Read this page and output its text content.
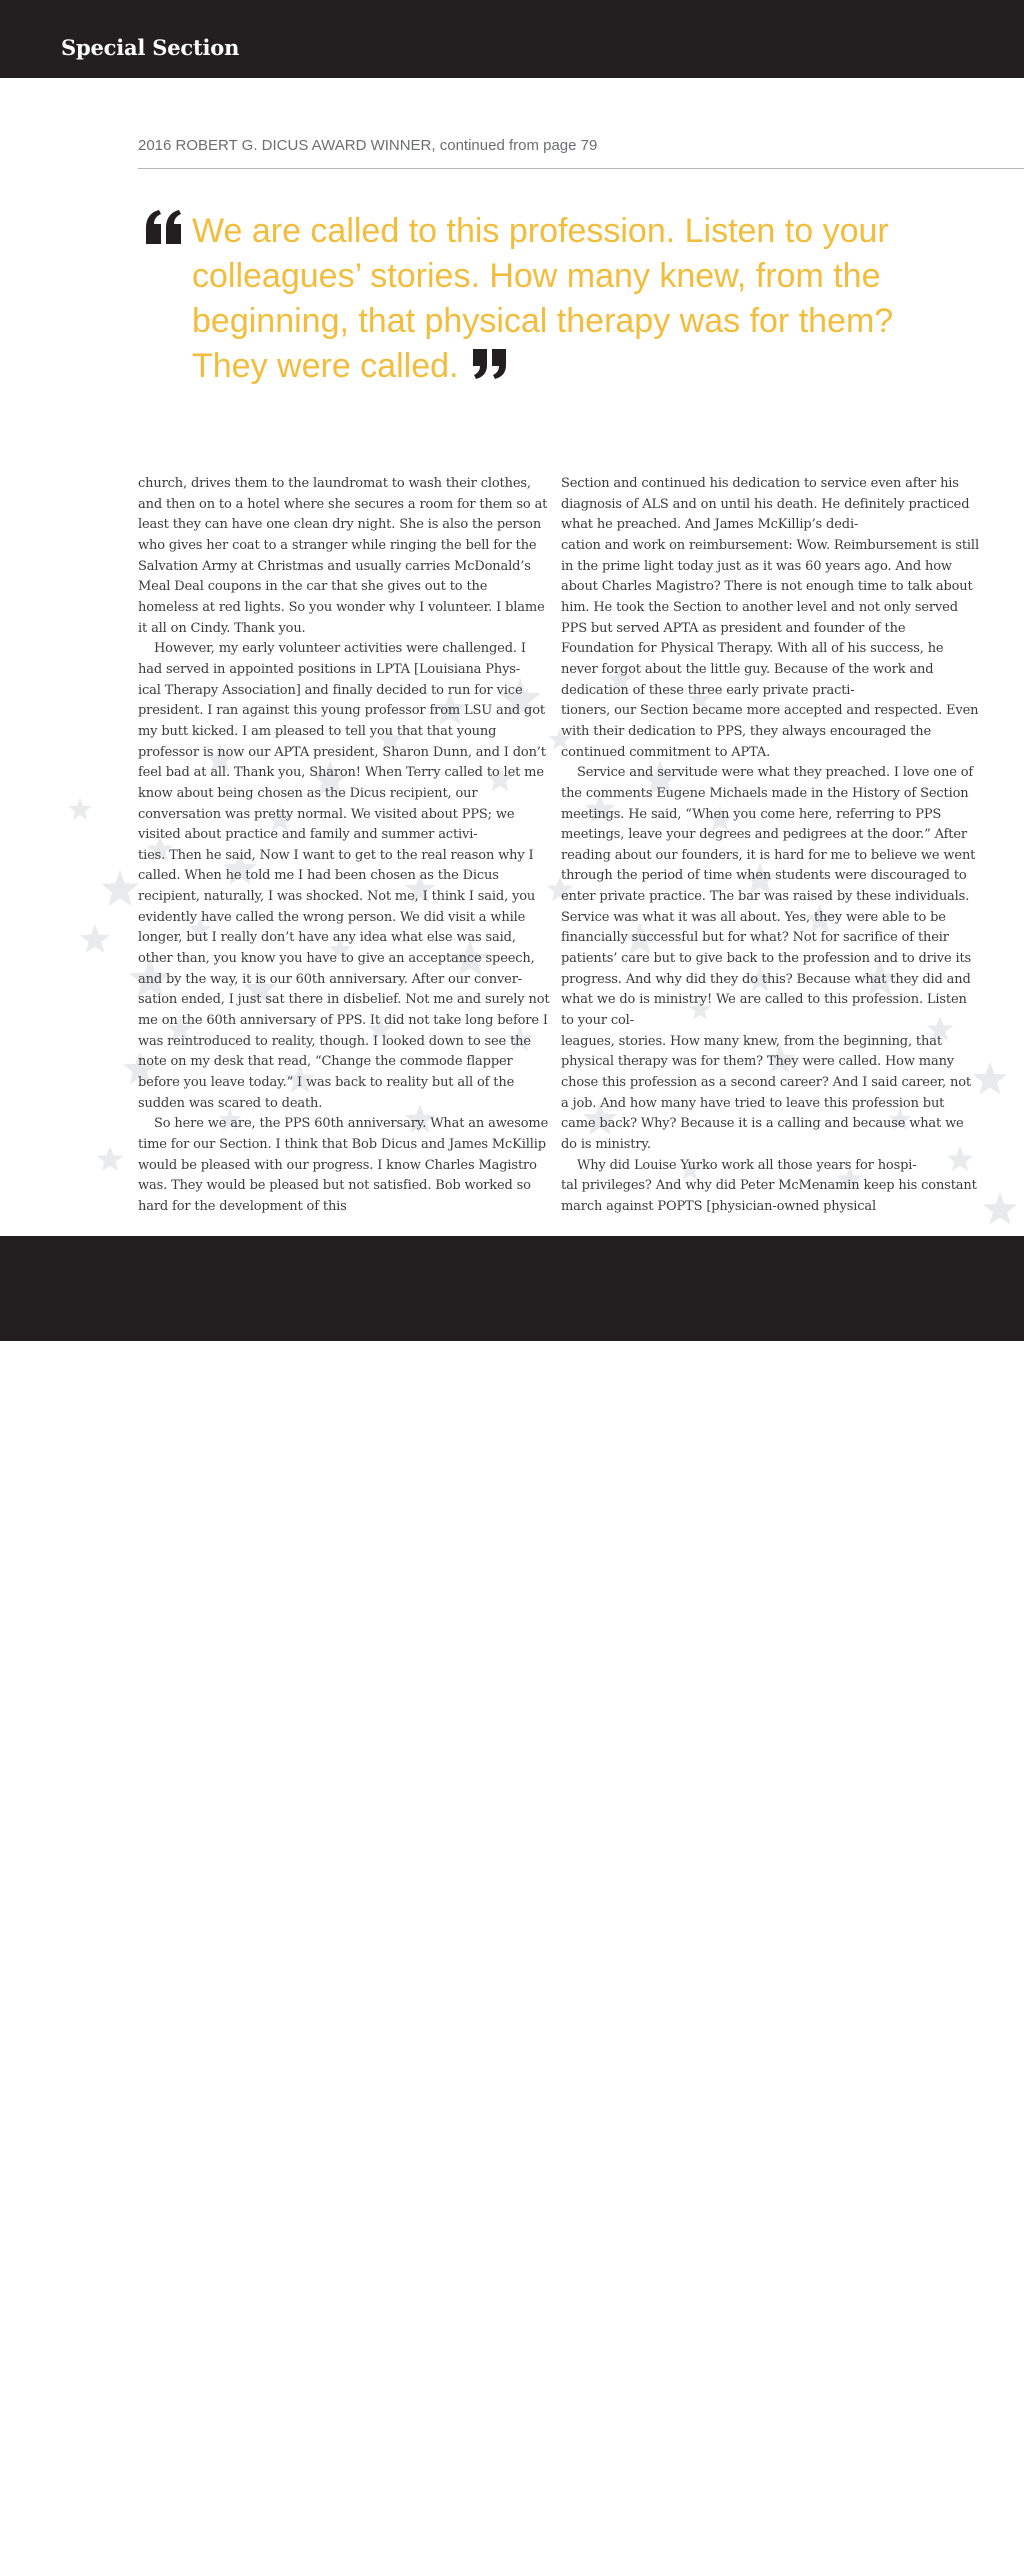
Special Section

2016 ROBERT G. DICUS AWARD WINNER, continued from page 79

We are called to this profession. Listen to your colleagues’ stories. How many knew, from the beginning, that physical therapy was for them? They were called.

church, drives them to the laundromat to wash their clothes, and then on to a hotel where she secures a room for them so at least they can have one clean dry night. She is also the person who gives her coat to a stranger while ringing the bell for the Salvation Army at Christmas and usually carries McDonald’s Meal Deal coupons in the car that she gives out to the homeless at red lights. So you wonder why I volunteer. I blame it all on Cindy. Thank you.

However, my early volunteer activities were challenged. I had served in appointed positions in LPTA [Louisiana Phys-
ical Therapy Association] and finally decided to run for vice president. I ran against this young professor from LSU and got my butt kicked. I am pleased to tell you that that young professor is now our APTA president, Sharon Dunn, and I don’t feel bad at all. Thank you, Sharon! When Terry called to let me know about being chosen as the Dicus recipient, our conversation was pretty normal. We visited about PPS; we visited about practice and family and summer activi-
ties. Then he said, Now I want to get to the real reason why I called. When he told me I had been chosen as the Dicus recipient, naturally, I was shocked. Not me, I think I said, you evidently have called the wrong person. We did visit a while longer, but I really don’t have any idea what else was said, other than, you know you have to give an acceptance speech, and by the way, it is our 60th anniversary. After our conver-
sation ended, I just sat there in disbelief. Not me and surely not me on the 60th anniversary of PPS. It did not take long before I was reintroduced to reality, though. I looked down to see the note on my desk that read, “Change the commode flapper before you leave today.” I was back to reality but all of the sudden was scared to death.

So here we are, the PPS 60th anniversary. What an awesome time for our Section. I think that Bob Dicus and James McKillip would be pleased with our progress. I know Charles Magistro was. They would be pleased but not satisfied. Bob worked so hard for the development of this

Section and continued his dedication to service even after his diagnosis of ALS and on until his death. He definitely practiced what he preached. And James McKillip’s dedi-
cation and work on reimbursement: Wow. Reimbursement is still in the prime light today just as it was 60 years ago. And how about Charles Magistro? There is not enough time to talk about him. He took the Section to another level and not only served PPS but served APTA as president and founder of the Foundation for Physical Therapy. With all of his success, he never forgot about the little guy. Because of the work and dedication of these three early private practi-
tioners, our Section became more accepted and respected. Even with their dedication to PPS, they always encouraged the continued commitment to APTA.

Service and servitude were what they preached. I love one of the comments Eugene Michaels made in the History of Section meetings. He said, “When you come here, referring to PPS meetings, leave your degrees and pedigrees at the door.” After reading about our founders, it is hard for me to believe we went through the period of time when students were discouraged to enter private practice. The bar was raised by these individuals. Service was what it was all about. Yes, they were able to be financially successful but for what? Not for sacrifice of their patients’ care but to give back to the profession and to drive its progress. And why did they do this? Because what they did and what we do is ministry! We are called to this profession. Listen to your col-
leagues, stories. How many knew, from the beginning, that physical therapy was for them? They were called. How many chose this profession as a second career? And I said career, not a job. And how many have tried to leave this profession but came back? Why? Because it is a calling and because what we do is ministry.

Why did Louise Yurko work all those years for hospi-
tal privileges? And why did Peter McMenamin keep his constant march against POPTS [physician-owned physical

80 Impact January 2017
